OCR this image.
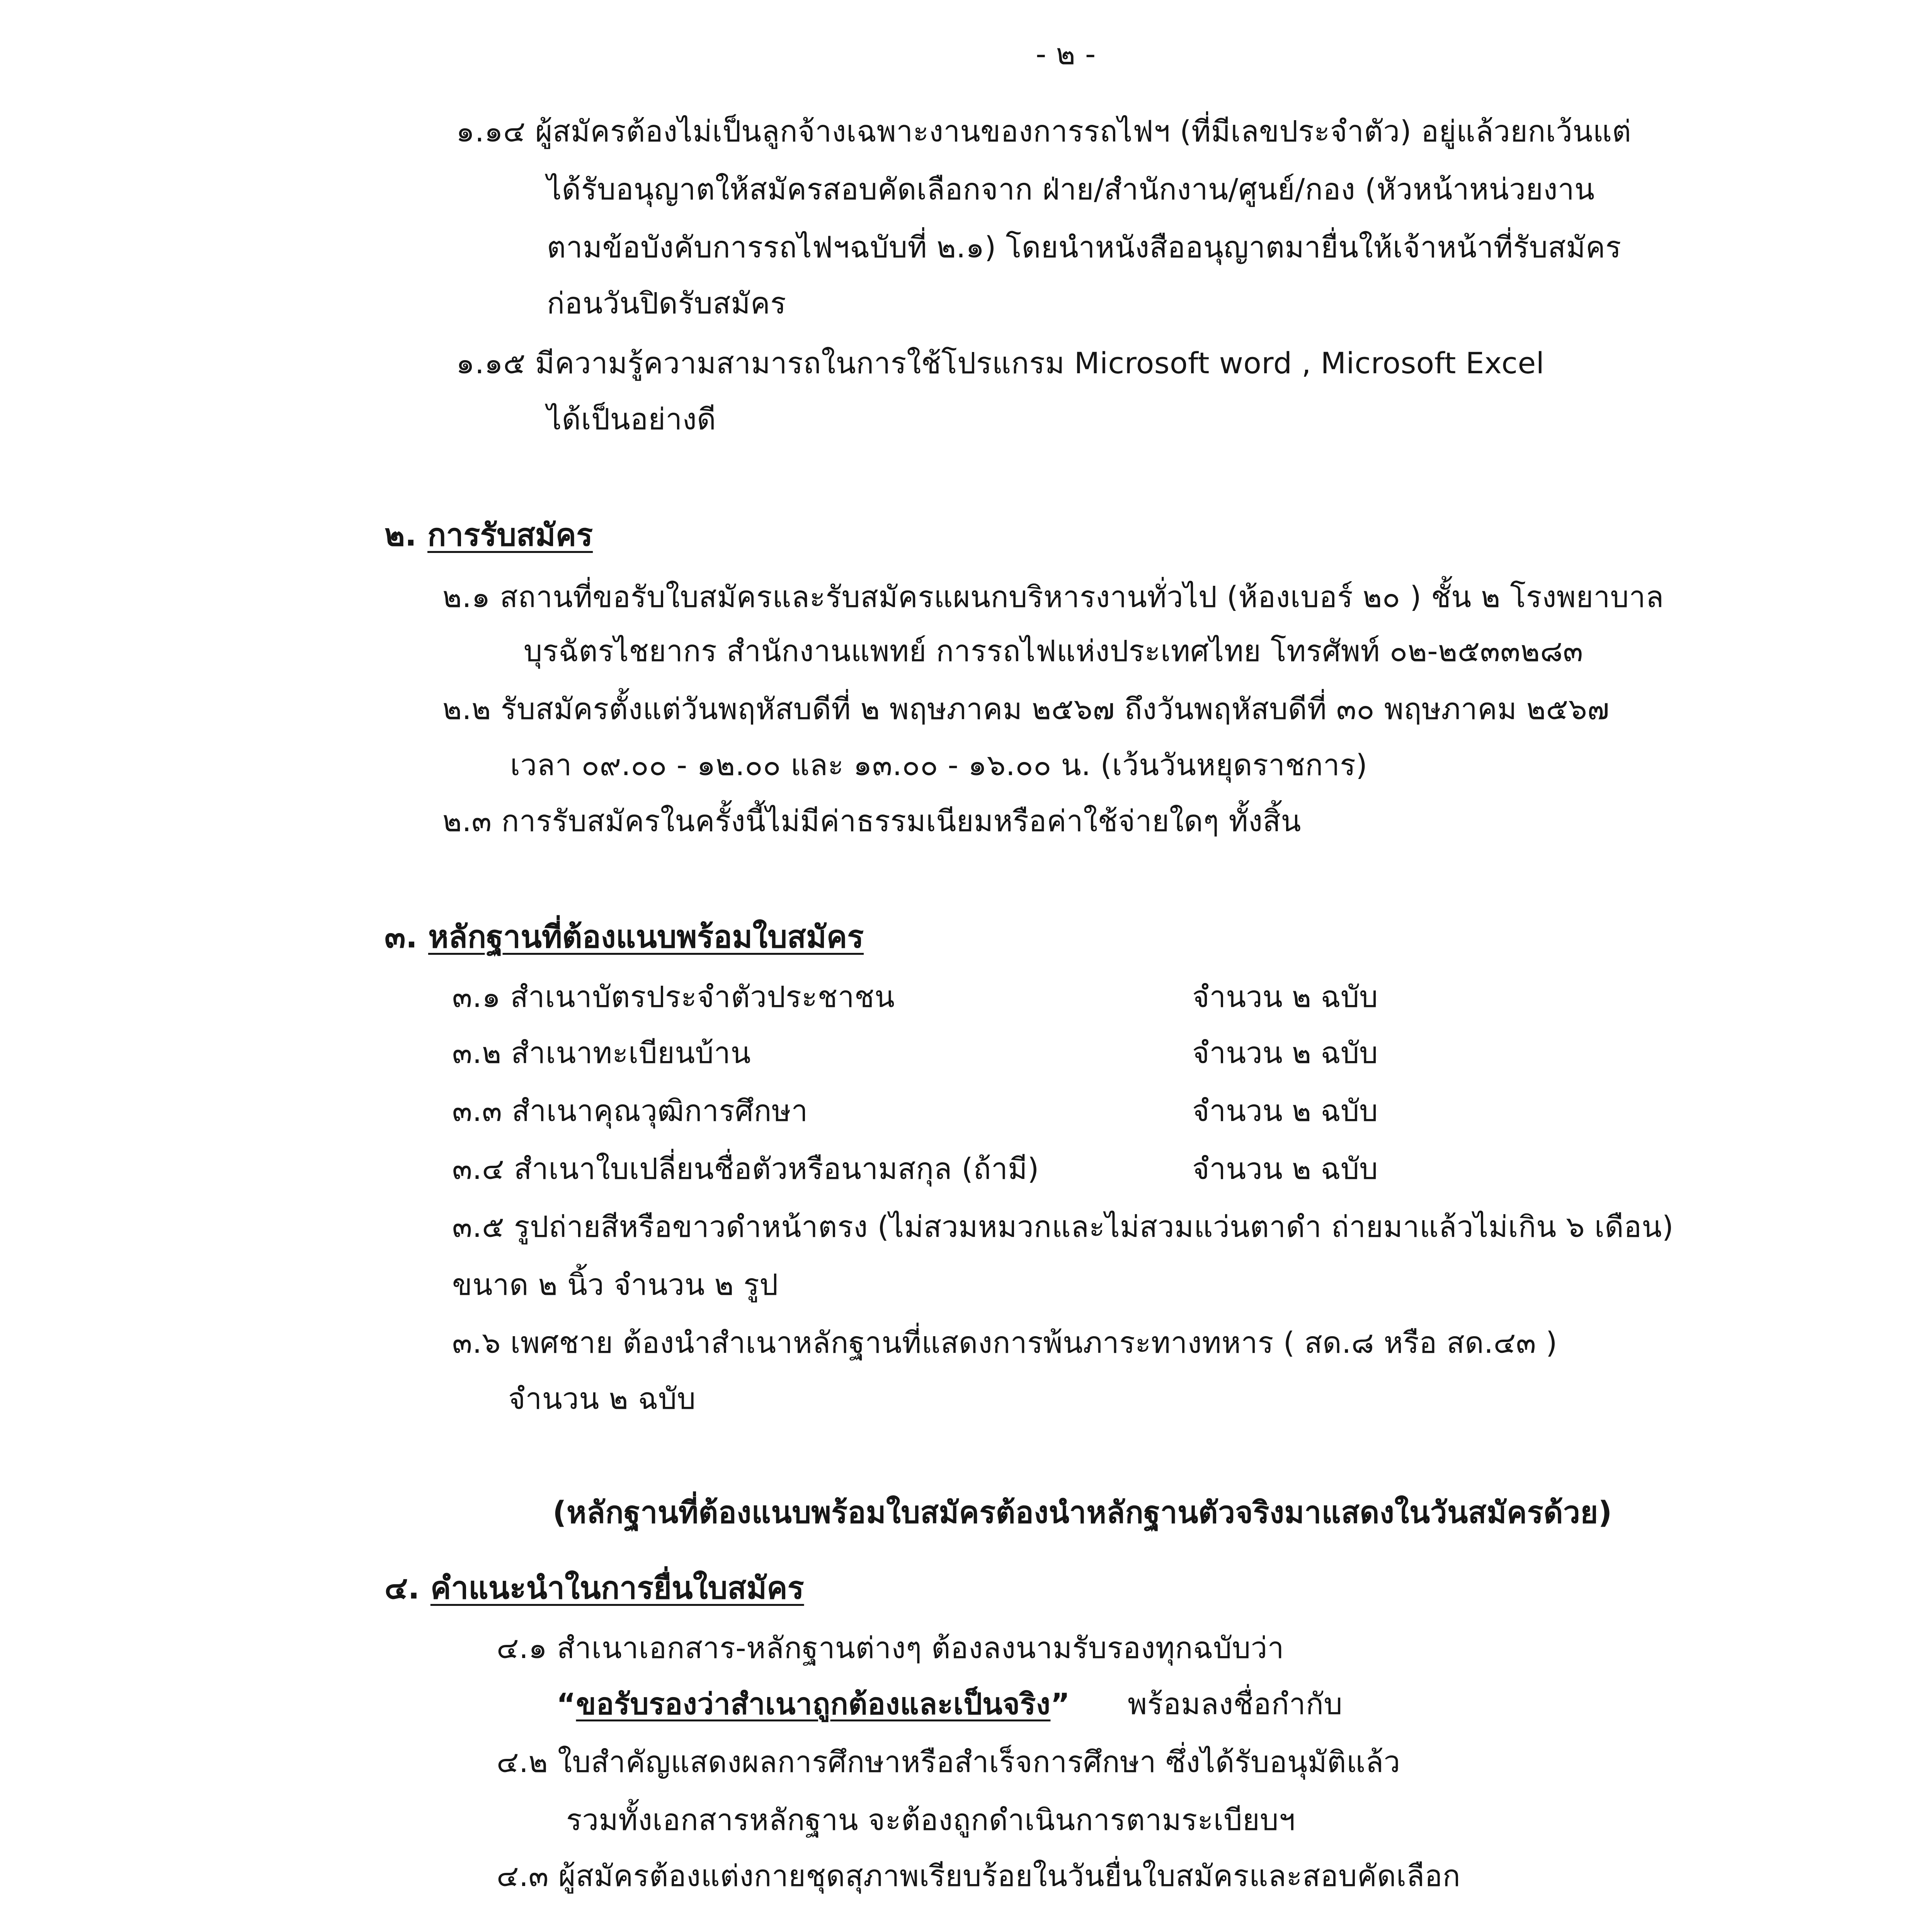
- ๒ -
๑.๑๔ ผู้สมัครต้องไม่เป็นลูกจ้างเฉพาะงานของการรถไฟฯ (ที่มีเลขประจำตัว) อยู่แล้วยกเว้นแต่
ได้รับอนุญาตให้สมัครสอบคัดเลือกจาก ฝ่าย/สำนักงาน/ศูนย์/กอง (หัวหน้าหน่วยงาน
ตามข้อบังคับการรถไฟฯฉบับที่ ๒.๑) โดยนำหนังสืออนุญาตมายื่นให้เจ้าหน้าที่รับสมัคร
ก่อนวันปิดรับสมัคร
๑.๑๕ มีความรู้ความสามารถในการใช้โปรแกรม Microsoft word , Microsoft Excel
ได้เป็นอย่างดี
๒. การรับสมัคร
๒.๑ สถานที่ขอรับใบสมัครและรับสมัครแผนกบริหารงานทั่วไป (ห้องเบอร์ ๒๐ ) ชั้น ๒ โรงพยาบาล
บุรฉัตรไชยากร สำนักงานแพทย์ การรถไฟแห่งประเทศไทย โทรศัพท์ ๐๒-๒๕๓๓๒๘๓
๒.๒ รับสมัครตั้งแต่วันพฤหัสบดีที่ ๒ พฤษภาคม ๒๕๖๗ ถึงวันพฤหัสบดีที่ ๓๐ พฤษภาคม ๒๕๖๗
เวลา ๐๙.๐๐ - ๑๒.๐๐ และ ๑๓.๐๐ - ๑๖.๐๐ น. (เว้นวันหยุดราชการ)
๒.๓ การรับสมัครในครั้งนี้ไม่มีค่าธรรมเนียมหรือค่าใช้จ่ายใดๆ ทั้งสิ้น
๓. หลักฐานที่ต้องแนบพร้อมใบสมัคร
๓.๑ สำเนาบัตรประจำตัวประชาชน	จำนวน ๒ ฉบับ
๓.๒ สำเนาทะเบียนบ้าน	จำนวน ๒ ฉบับ
๓.๓ สำเนาคุณวุฒิการศึกษา	จำนวน ๒ ฉบับ
๓.๔ สำเนาใบเปลี่ยนชื่อตัวหรือนามสกุล (ถ้ามี)	จำนวน ๒ ฉบับ
๓.๕ รูปถ่ายสีหรือขาวดำหน้าตรง (ไม่สวมหมวกและไม่สวมแว่นตาดำ ถ่ายมาแล้วไม่เกิน ๖ เดือน)
ขนาด ๒ นิ้ว จำนวน ๒ รูป
๓.๖ เพศชาย ต้องนำสำเนาหลักฐานที่แสดงการพ้นภาระทางทหาร ( สด.๘ หรือ สด.๔๓ )
จำนวน ๒ ฉบับ
(หลักฐานที่ต้องแนบพร้อมใบสมัครต้องนำหลักฐานตัวจริงมาแสดงในวันสมัครด้วย)
๔. คำแนะนำในการยื่นใบสมัคร
๔.๑ สำเนาเอกสาร-หลักฐานต่างๆ ต้องลงนามรับรองทุกฉบับว่า
“ขอรับรองว่าสำเนาถูกต้องและเป็นจริง” พร้อมลงชื่อกำกับ
๔.๒ ใบสำคัญแสดงผลการศึกษาหรือสำเร็จการศึกษา ซึ่งได้รับอนุมัติแล้ว
รวมทั้งเอกสารหลักฐาน จะต้องถูกดำเนินการตามระเบียบฯ
๔.๓ ผู้สมัครต้องแต่งกายชุดสุภาพเรียบร้อยในวันยื่นใบสมัครและสอบคัดเลือก
